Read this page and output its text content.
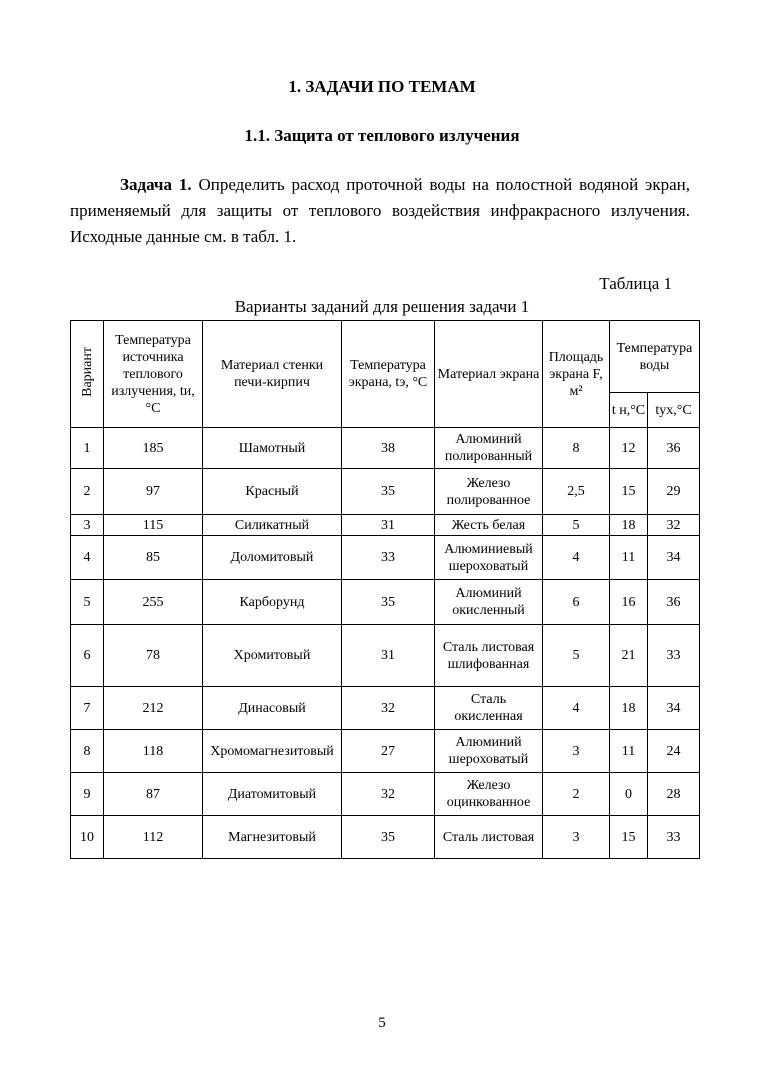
1. ЗАДАЧИ ПО ТЕМАМ
1.1. Защита от теплового излучения
Задача 1. Определить расход проточной воды на полостной водяной экран, применяемый для защиты от теплового воздействия инфракрасного излучения. Исходные данные см. в табл. 1.
Таблица 1
Варианты заданий для решения задачи 1
Вариант	Температура источника теплового излучения, tи, °С	Материал стенки печи-кирпич	Температура экрана, tэ, °С	Материал экрана	Площадь экрана F, м²	Температура воды	
						t н,°С	tух,°С
1	185	Шамотный	38	Алюминий полированный	8	12	36
2	97	Красный	35	Железо полированное	2,5	15	29
3	115	Силикатный	31	Жесть белая	5	18	32
4	85	Доломитовый	33	Алюминиевый шероховатый	4	11	34
5	255	Карборунд	35	Алюминий окисленный	6	16	36
6	78	Хромитовый	31	Сталь листовая шлифованная	5	21	33
7	212	Динасовый	32	Сталь окисленная	4	18	34
8	118	Хромомагнезитовый	27	Алюминий шероховатый	3	11	24
9	87	Диатомитовый	32	Железо оцинкованное	2	0	28
10	112	Магнезитовый	35	Сталь листовая	3	15	33
5
